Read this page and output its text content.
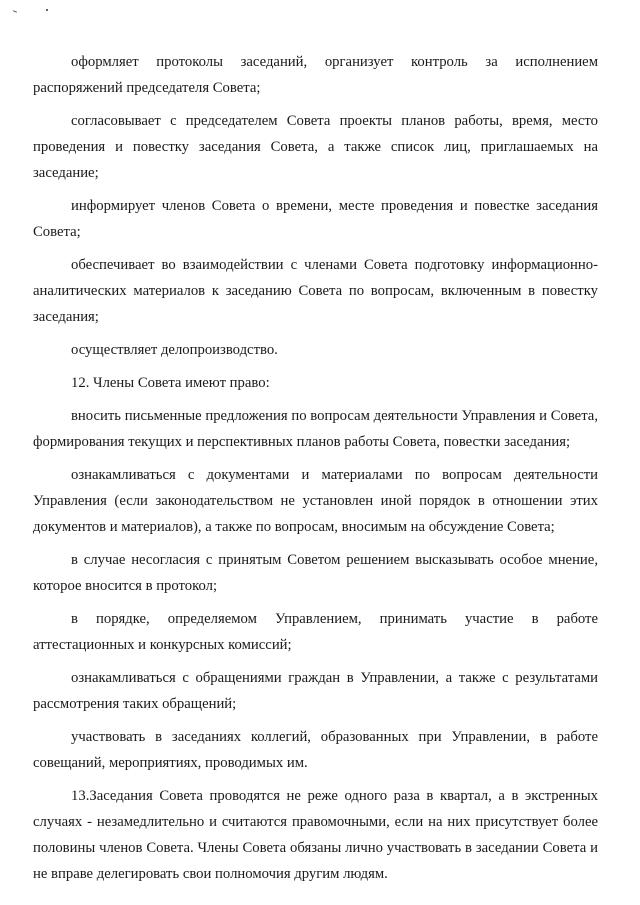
оформляет протоколы заседаний, организует контроль за исполнением распоряжений председателя Совета;

согласовывает с председателем Совета проекты планов работы, время, место проведения и повестку заседания Совета, а также список лиц, приглашаемых на заседание;

информирует членов Совета о времени, месте проведения и повестке заседания Совета;

обеспечивает во взаимодействии с членами Совета подготовку информационно-аналитических материалов к заседанию Совета по вопросам, включенным в повестку заседания;

осуществляет делопроизводство.

12. Члены Совета имеют право:

вносить письменные предложения по вопросам деятельности Управления и Совета, формирования текущих и перспективных планов работы Совета, повестки заседания;

ознакамливаться с документами и материалами по вопросам деятельности Управления (если законодательством не установлен иной порядок в отношении этих документов и материалов), а также по вопросам, вносимым на обсуждение Совета;

в случае несогласия с принятым Советом решением высказывать особое мнение, которое вносится в протокол;

в порядке, определяемом Управлением, принимать участие в работе аттестационных и конкурсных комиссий;

ознакамливаться с обращениями граждан в Управлении, а также с результатами рассмотрения таких обращений;

участвовать в заседаниях коллегий, образованных при Управлении, в работе совещаний, мероприятиях, проводимых им.

13.Заседания Совета проводятся не реже одного раза в квартал, а в экстренных случаях - незамедлительно и считаются правомочными, если на них присутствует более половины членов Совета. Члены Совета обязаны лично участвовать в заседании Совета и не вправе делегировать свои полномочия другим людям.
